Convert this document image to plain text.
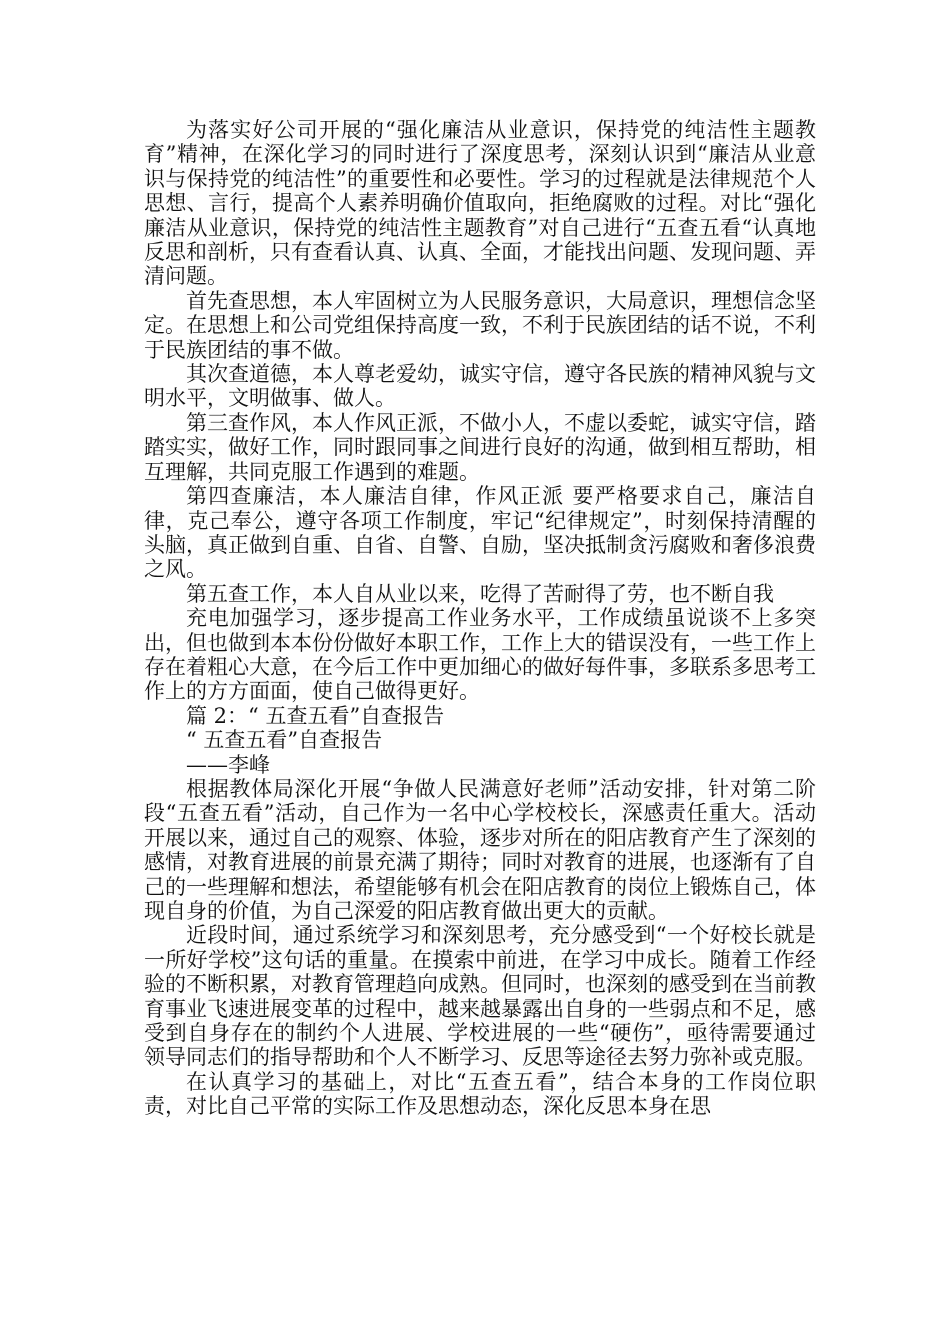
为落实好公司开展的“强化廉洁从业意识，保持党的纯洁性主题教育”精神，在深化学习的同时进行了深度思考，深刻认识到“廉洁从业意识与保持党的纯洁性”的重要性和必要性。学习的过程就是法律规范个人思想、言行，提高个人素养明确价值取向，拒绝腐败的过程。对比“强化廉洁从业意识，保持党的纯洁性主题教育”对自己进行“五查五看“认真地反思和剖析，只有查看认真、认真、全面，才能找出问题、发现问题、弄清问题。

首先查思想，本人牢固树立为人民服务意识，大局意识，理想信念坚定。在思想上和公司党组保持高度一致，不利于民族团结的话不说，不利于民族团结的事不做。

其次查道德，本人尊老爱幼，诚实守信，遵守各民族的精神风貌与文明水平，文明做事、做人。

第三查作风，本人作风正派，不做小人，不虚以委蛇，诚实守信，踏踏实实，做好工作，同时跟同事之间进行良好的沟通，做到相互帮助，相互理解，共同克服工作遇到的难题。

第四查廉洁，本人廉洁自律，作风正派 要严格要求自己，廉洁自律，克己奉公，遵守各项工作制度，牢记“纪律规定”，时刻保持清醒的头脑，真正做到自重、自省、自警、自励，坚决抵制贪污腐败和奢侈浪费之风。

第五查工作，本人自从业以来，吃得了苦耐得了劳，也不断自我

充电加强学习，逐步提高工作业务水平，工作成绩虽说谈不上多突出，但也做到本本份份做好本职工作，工作上大的错误没有，一些工作上存在着粗心大意，在今后工作中更加细心的做好每件事，多联系多思考工作上的方方面面，使自己做得更好。

篇 2：“ 五查五看”自查报告

“ 五查五看”自查报告

——李峰

根据教体局深化开展“争做人民满意好老师”活动安排，针对第二阶段“五查五看”活动，自己作为一名中心学校校长，深感责任重大。活动开展以来，通过自己的观察、体验，逐步对所在的阳店教育产生了深刻的感情，对教育进展的前景充满了期待；同时对教育的进展，也逐渐有了自己的一些理解和想法，希望能够有机会在阳店教育的岗位上锻炼自己，体现自身的价值，为自己深爱的阳店教育做出更大的贡献。

近段时间，通过系统学习和深刻思考，充分感受到“一个好校长就是一所好学校”这句话的重量。在摸索中前进，在学习中成长。随着工作经验的不断积累，对教育管理趋向成熟。但同时，也深刻的感受到在当前教育事业飞速进展变革的过程中，越来越暴露出自身的一些弱点和不足，感受到自身存在的制约个人进展、学校进展的一些“硬伤”，亟待需要通过领导同志们的指导帮助和个人不断学习、反思等途径去努力弥补或克服。

在认真学习的基础上，对比“五查五看”，结合本身的工作岗位职责，对比自己平常的实际工作及思想动态，深化反思本身在思
